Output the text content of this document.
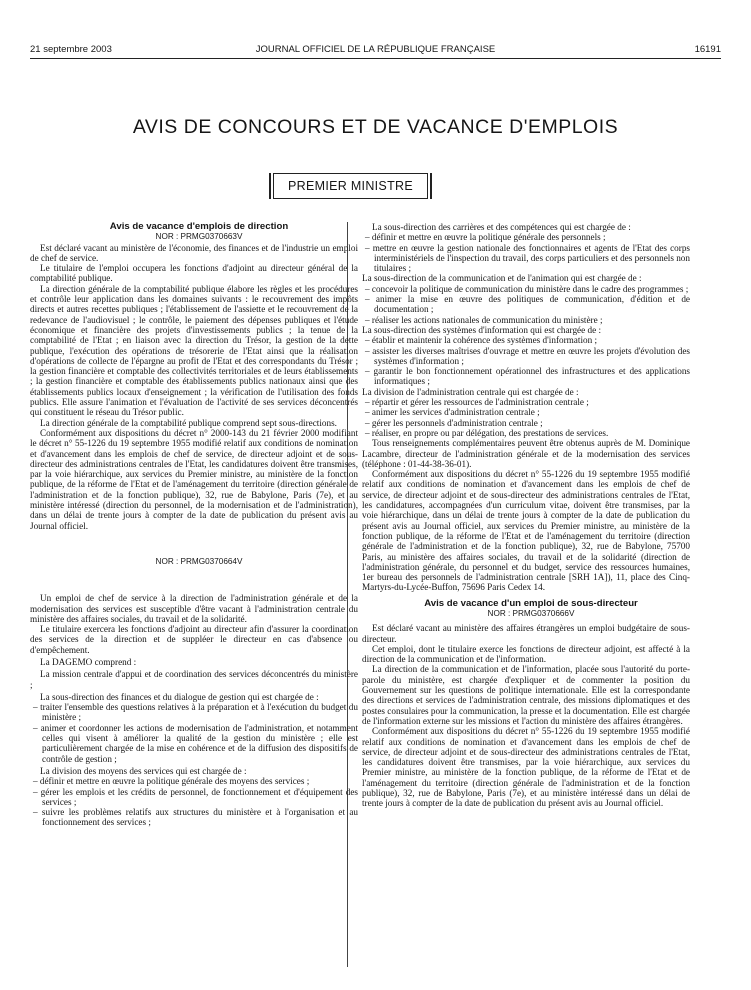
21 septembre 2003	JOURNAL OFFICIEL DE LA RÉPUBLIQUE FRANÇAISE	16191
AVIS DE CONCOURS ET DE VACANCE D'EMPLOIS
PREMIER MINISTRE

Avis de vacance d'emplois de direction

NOR : PRMG0370663V

Est déclaré vacant au ministère de l'économie, des finances et de l'industrie un emploi de chef de service.

Le titulaire de l'emploi occupera les fonctions d'adjoint au directeur général de la comptabilité publique.

La direction générale de la comptabilité publique élabore les règles et les procédures et contrôle leur application dans les domaines suivants : le recouvrement des impôts directs et autres recettes publiques ; l'établissement de l'assiette et le recouvrement de la redevance de l'audiovisuel ; le contrôle, le paiement des dépenses publiques et l'étude économique et financière des projets d'investissements publics ; la tenue de la comptabilité de l'Etat ; en liaison avec la direction du Trésor, la gestion de la dette publique, l'exécution des opérations de trésorerie de l'Etat ainsi que la réalisation d'opérations de collecte de l'épargne au profit de l'Etat et des correspondants du Trésor ; la gestion financière et comptable des collectivités territoriales et de leurs établissements ; la gestion financière et comptable des établissements publics nationaux ainsi que des établissements publics locaux d'enseignement ; la vérification de l'utilisation des fonds publics. Elle assure l'animation et l'évaluation de l'activité de ses services déconcentrés qui constituent le réseau du Trésor public.

La direction générale de la comptabilité publique comprend sept sous-directions.

Conformément aux dispositions du décret n° 2000-143 du 21 février 2000 modifiant le décret n° 55-1226 du 19 septembre 1955 modifié relatif aux conditions de nomination et d'avancement dans les emplois de chef de service, de directeur adjoint et de sous-directeur des administrations centrales de l'Etat, les candidatures doivent être transmises, par la voie hiérarchique, aux services du Premier ministre, au ministère de la fonction publique, de la réforme de l'Etat et de l'aménagement du territoire (direction générale de l'administration et de la fonction publique), 32, rue de Babylone, Paris (7e), et au ministère intéressé (direction du personnel, de la modernisation et de l'administration), dans un délai de trente jours à compter de la date de publication du présent avis au Journal officiel.

NOR : PRMG0370664V

Un emploi de chef de service à la direction de l'administration générale et de la modernisation des services est susceptible d'être vacant à l'administration centrale du ministère des affaires sociales, du travail et de la solidarité.

Le titulaire exercera les fonctions d'adjoint au directeur afin d'assurer la coordination des services de la direction et de suppléer le directeur en cas d'absence ou d'empêchement.

La DAGEMO comprend :

La mission centrale d'appui et de coordination des services déconcentrés du ministère ;

La sous-direction des finances et du dialogue de gestion qui est chargée de :

– traiter l'ensemble des questions relatives à la préparation et à l'exécution du budget du ministère ;
– animer et coordonner les actions de modernisation de l'administration, et notamment celles qui visent à améliorer la qualité de la gestion du ministère ; elle est particulièrement chargée de la mise en cohérence et de la diffusion des dispositifs de contrôle de gestion ;

La division des moyens des services qui est chargée de :

– définir et mettre en œuvre la politique générale des moyens des services ;
– gérer les emplois et les crédits de personnel, de fonctionnement et d'équipement des services ;
– suivre les problèmes relatifs aux structures du ministère et à l'organisation et au fonctionnement des services ;

La sous-direction des carrières et des compétences qui est chargée de :

– définir et mettre en œuvre la politique générale des personnels ;
– mettre en œuvre la gestion nationale des fonctionnaires et agents de l'Etat des corps interministériels de l'inspection du travail, des corps particuliers et des personnels non titulaires ;

La sous-direction de la communication et de l'animation qui est chargée de :

– concevoir la politique de communication du ministère dans le cadre des programmes ;
– animer la mise en œuvre des politiques de communication, d'édition et de documentation ;
– réaliser les actions nationales de communication du ministère ;

La sous-direction des systèmes d'information qui est chargée de :

– établir et maintenir la cohérence des systèmes d'information ;
– assister les diverses maîtrises d'ouvrage et mettre en œuvre les projets d'évolution des systèmes d'information ;
– garantir le bon fonctionnement opérationnel des infrastructures et des applications informatiques ;

La division de l'administration centrale qui est chargée de :

– répartir et gérer les ressources de l'administration centrale ;
– animer les services d'administration centrale ;
– gérer les personnels d'administration centrale ;
– réaliser, en propre ou par délégation, des prestations de services.

Tous renseignements complémentaires peuvent être obtenus auprès de M. Dominique Lacambre, directeur de l'administration générale et de la modernisation des services (téléphone : 01-44-38-36-01).

Conformément aux dispositions du décret n° 55-1226 du 19 septembre 1955 modifié relatif aux conditions de nomination et d'avancement dans les emplois de chef de service, de directeur adjoint et de sous-directeur des administrations centrales de l'Etat, les candidatures, accompagnées d'un curriculum vitae, doivent être transmises, par la voie hiérarchique, dans un délai de trente jours à compter de la date de publication du présent avis au Journal officiel, aux services du Premier ministre, au ministère de la fonction publique, de la réforme de l'Etat et de l'aménagement du territoire (direction générale de l'administration et de la fonction publique), 32, rue de Babylone, 75700 Paris, au ministère des affaires sociales, du travail et de la solidarité (direction de l'administration générale, du personnel et du budget, service des ressources humaines, 1er bureau des personnels de l'administration centrale [SRH 1A]), 11, place des Cinq-Martyrs-du-Lycée-Buffon, 75696 Paris Cedex 14.

Avis de vacance d'un emploi de sous-directeur

NOR : PRMG0370666V

Est déclaré vacant au ministère des affaires étrangères un emploi budgétaire de sous-directeur.

Cet emploi, dont le titulaire exerce les fonctions de directeur adjoint, est affecté à la direction de la communication et de l'information.

La direction de la communication et de l'information, placée sous l'autorité du porte-parole du ministère, est chargée d'expliquer et de commenter la position du Gouvernement sur les questions de politique internationale. Elle est la correspondante des directions et services de l'administration centrale, des missions diplomatiques et des postes consulaires pour la communication, la presse et la documentation. Elle est chargée de l'information externe sur les missions et l'action du ministère des affaires étrangères.

Conformément aux dispositions du décret n° 55-1226 du 19 septembre 1955 modifié relatif aux conditions de nomination et d'avancement dans les emplois de chef de service, de directeur adjoint et de sous-directeur des administrations centrales de l'Etat, les candidatures doivent être transmises, par la voie hiérarchique, aux services du Premier ministre, au ministère de la fonction publique, de la réforme de l'Etat et de l'aménagement du territoire (direction générale de l'administration et de la fonction publique), 32, rue de Babylone, Paris (7e), et au ministère intéressé dans un délai de trente jours à compter de la date de publication du présent avis au Journal officiel.
